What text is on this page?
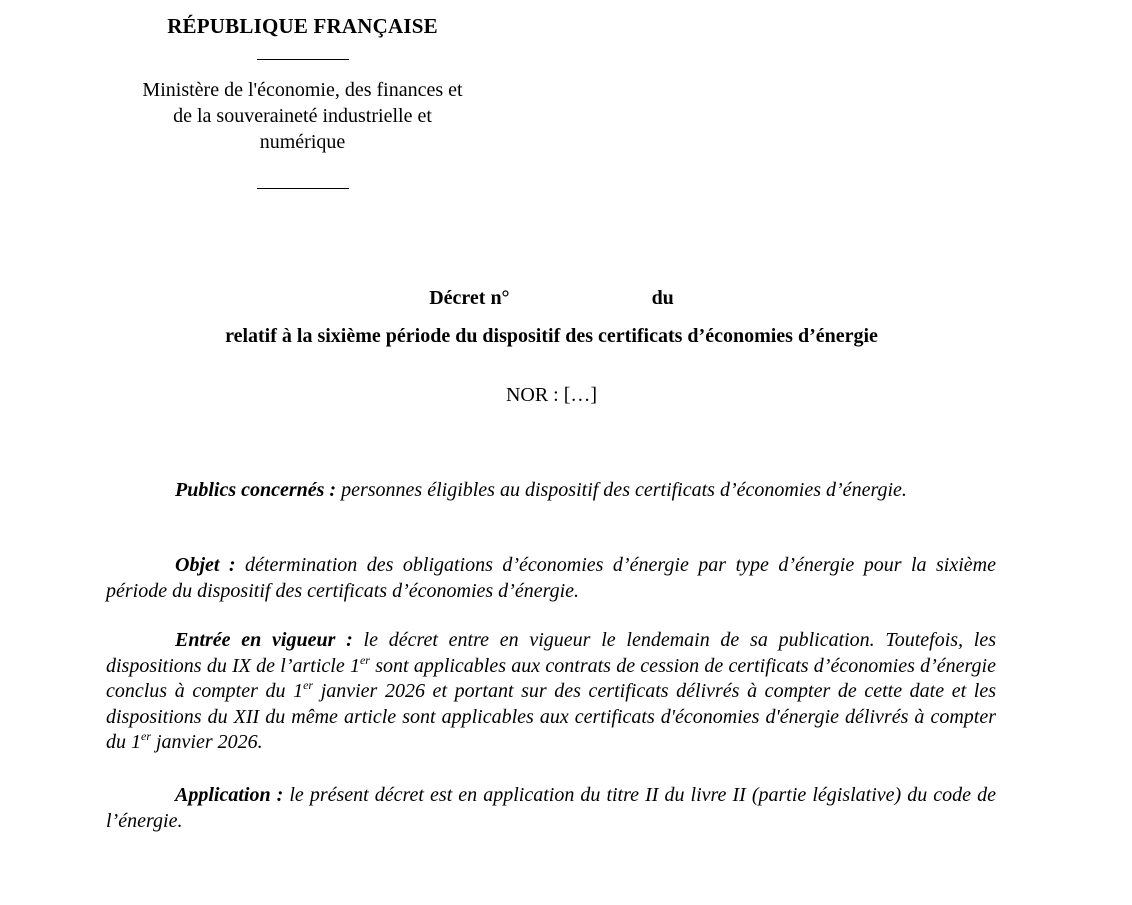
RÉPUBLIQUE FRANÇAISE
Ministère de l'économie, des finances et
de la souveraineté industrielle et
numérique
Décret n°	du
relatif à la sixième période du dispositif des certificats d’économies d’énergie
NOR : […]
Publics concernés : personnes éligibles au dispositif des certificats d’économies d’énergie.
Objet : détermination des obligations d’économies d’énergie par type d’énergie pour la sixième période du dispositif des certificats d’économies d’énergie.
Entrée en vigueur : le décret entre en vigueur le lendemain de sa publication. Toutefois, les dispositions du IX de l’article 1er sont applicables aux contrats de cession de certificats d’économies d’énergie conclus à compter du 1er janvier 2026 et portant sur des certificats délivrés à compter de cette date et les dispositions du XII du même article sont applicables aux certificats d'économies d'énergie délivrés à compter du 1er janvier 2026.
Application : le présent décret est en application du titre II du livre II (partie législative) du code de l’énergie.
